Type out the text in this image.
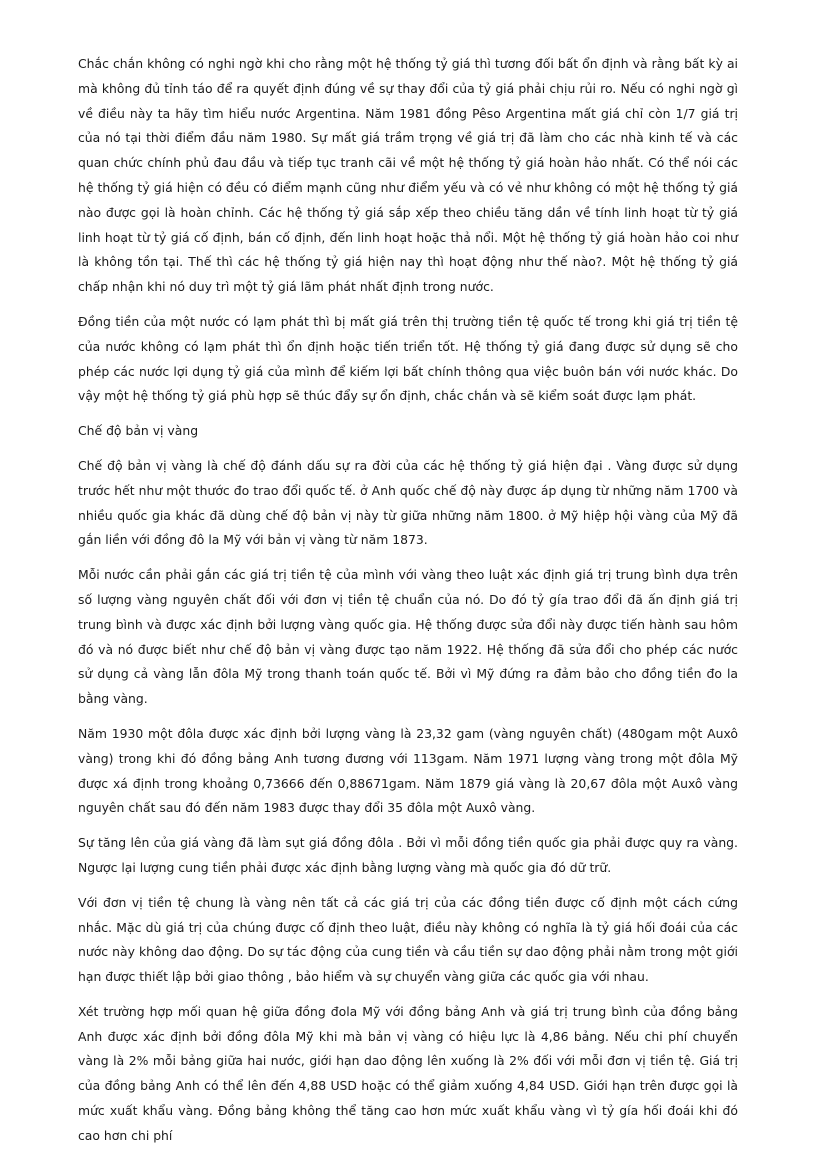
Chắc chắn không có nghi ngờ khi cho rằng một hệ thống tỷ giá thì tương đối bất ổn định và rằng bất kỳ ai mà không đủ tỉnh táo để ra quyết định đúng về sự thay đổi của tỷ giá phải chịu rủi ro. Nếu có nghi ngờ gì về điều này ta hãy tìm hiểu nước Argentina. Năm 1981 đồng Pêso Argentina mất giá chỉ còn 1/7 giá trị của nó tại thời điểm đầu năm 1980. Sự mất giá trầm trọng về giá trị đã làm cho các nhà kinh tế và các quan chức chính phủ đau đầu và tiếp tục tranh cãi về một hệ thống tỷ giá hoàn hảo nhất. Có thể nói các hệ thống tỷ giá hiện có đều có điểm mạnh cũng như điểm yếu và có vẻ như không có một hệ thống tỷ giá nào được gọi là hoàn chỉnh. Các hệ thống tỷ giá sắp xếp theo chiều tăng dần về tính linh hoạt từ tỷ giá linh hoạt từ tỷ giá cố định, bán cố định, đến linh hoạt hoặc thả nổi. Một hệ thống tỷ giá hoàn hảo coi như là không tồn tại. Thế thì các hệ thống tỷ giá hiện nay thì hoạt động như thế nào?. Một hệ thống tỷ giá chấp nhận khi nó duy trì một tỷ giá lãm phát nhất định trong nước.

Đồng tiền của một nước có lạm phát thì bị mất giá trên thị trường tiền tệ quốc tế trong khi giá trị tiền tệ của nước không có lạm phát thì ổn định hoặc tiến triển tốt. Hệ thống tỷ giá đang được sử dụng sẽ cho phép các nước lợi dụng tỷ giá của mình để kiếm lợi bất chính thông qua việc buôn bán với nước khác. Do vậy một hệ thống tỷ giá phù hợp sẽ thúc đẩy sự ổn định, chắc chắn và sẽ kiểm soát được lạm phát.

Chế độ bản vị vàng

Chế độ bản vị vàng là chế độ đánh dấu sự ra đời của các hệ thống tỷ giá hiện đại . Vàng được sử dụng trước hết như một thước đo trao đổi quốc tế. ở Anh quốc chế độ này được áp dụng từ những năm 1700 và nhiều quốc gia khác đã dùng chế độ bản vị này từ giữa những năm 1800. ở Mỹ hiệp hội vàng của Mỹ đã gắn liền với đồng đô la Mỹ với bản vị vàng từ năm 1873.

Mỗi nước cần phải gắn các giá trị tiền tệ của mình với vàng theo luật xác định giá trị trung bình dựa trên số lượng vàng nguyên chất đối với đơn vị tiền tệ chuẩn của nó. Do đó tỷ gía trao đổi đã ấn định giá trị trung bình và được xác định bởi lượng vàng quốc gia. Hệ thống được sửa đổi này được tiến hành sau hôm đó và nó được biết như chế độ bản vị vàng được tạo năm 1922. Hệ thống đã sửa đổi cho phép các nước sử dụng cả vàng lẫn đôla Mỹ trong thanh toán quốc tế. Bởi vì Mỹ đứng ra đảm bảo cho đồng tiền đo la bằng vàng.

Năm 1930 một đôla được xác định bởi lượng vàng là 23,32 gam (vàng nguyên chất) (480gam một Auxô vàng) trong khi đó đồng bảng Anh tương đương với 113gam. Năm 1971 lượng vàng trong một đôla Mỹ được xá định trong khoảng 0,73666 đến 0,88671gam. Năm 1879 giá vàng là 20,67 đôla một Auxô vàng nguyên chất sau đó đến năm 1983 được thay đổi 35 đôla một Auxô vàng.

Sự tăng lên của giá vàng đã làm sụt giá đồng đôla . Bởi vì mỗi đồng tiền quốc gia phải được quy ra vàng. Ngược lại lượng cung tiền phải được xác định bằng lượng vàng mà quốc gia đó dữ trữ.

Với đơn vị tiền tệ chung là vàng nên tất cả các giá trị của các đồng tiền được cố định một cách cứng nhắc. Mặc dù giá trị của chúng được cố định theo luật, điều này không có nghĩa là tỷ giá hối đoái của các nước này không dao động. Do sự tác động của cung tiền và cầu tiền sự dao động phải nằm trong một giới hạn được thiết lập bởi giao thông , bảo hiểm và sự chuyển vàng giữa các quốc gia với nhau.

Xét trường hợp mối quan hệ giữa đồng đola Mỹ với đồng bảng Anh và giá trị trung bình của đồng bảng Anh được xác định bởi đồng đôla Mỹ khi mà bản vị vàng có hiệu lực là 4,86 bảng. Nếu chi phí chuyển vàng là 2% mỗi bảng giữa hai nước, giới hạn dao động lên xuống là 2% đối với mỗi đơn vị tiền tệ. Giá trị của đồng bảng Anh có thể lên đến 4,88 USD hoặc có thể giảm xuống 4,84 USD. Giới hạn trên được gọi là mức xuất khẩu vàng. Đồng bảng không thể tăng cao hơn mức xuất khẩu vàng vì tỷ gía hối đoái khi đó cao hơn chi phí
